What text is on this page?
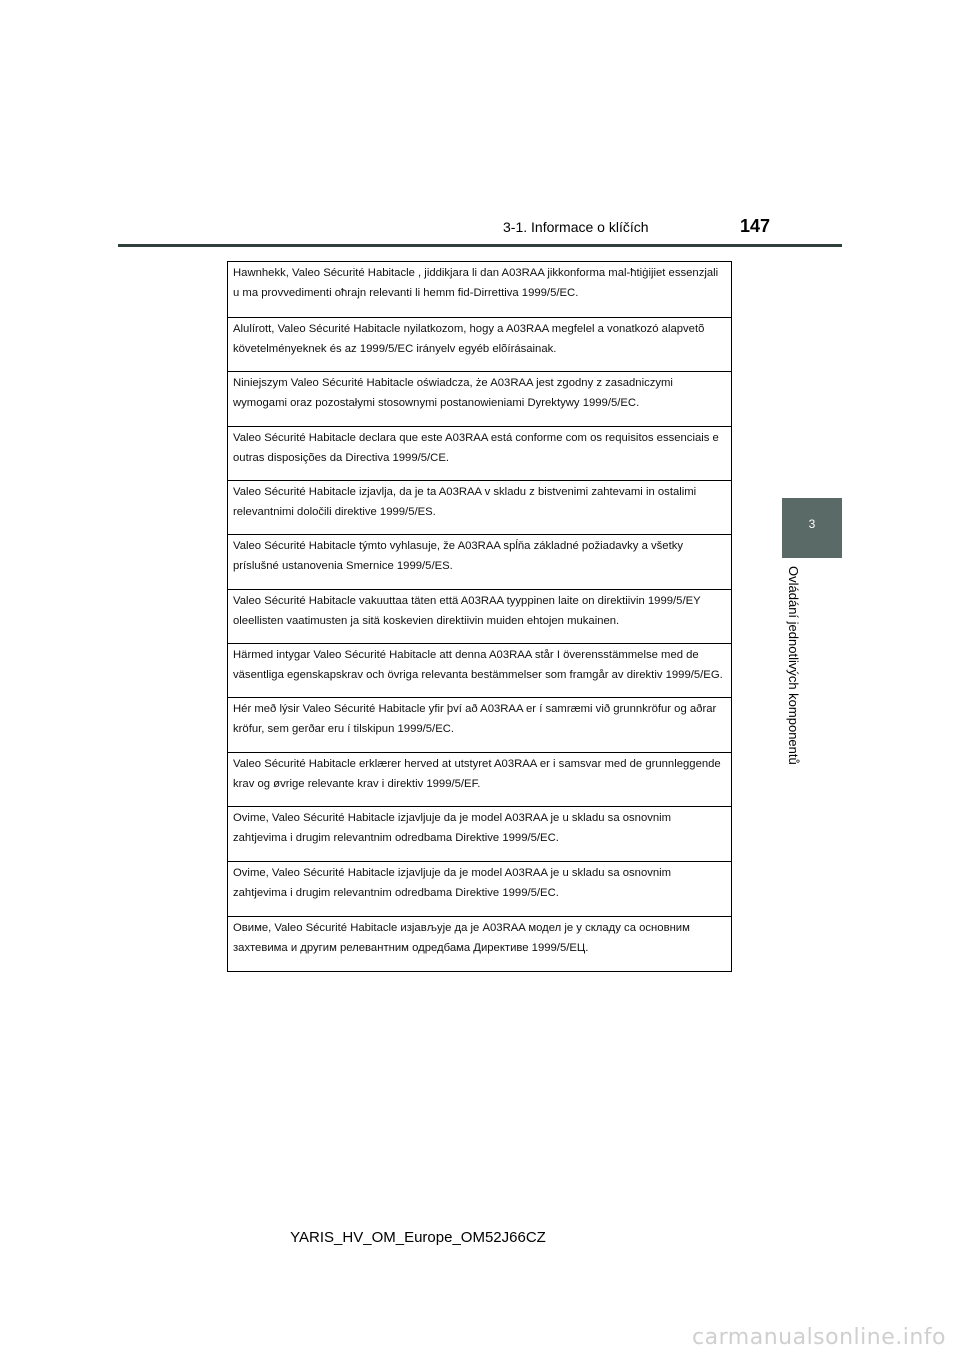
3-1. Informace o klíčích	147
3
Ovládání jednotlivých komponentů
Hawnhekk, Valeo Sécurité Habitacle , jiddikjara li dan A03RAA jikkonforma mal-ħtiġijiet essenzjali u ma provvedimenti oħrajn relevanti li hemm fid-Dirrettiva 1999/5/EC.
Alulírott, Valeo Sécurité Habitacle nyilatkozom, hogy a A03RAA megfelel a vonatkozó alapvetõ követelményeknek és az 1999/5/EC irányelv egyéb elõírásainak.
Niniejszym Valeo Sécurité Habitacle oświadcza, że A03RAA jest zgodny z zasadniczymi wymogami oraz pozostałymi stosownymi postanowieniami Dyrektywy 1999/5/EC.
Valeo Sécurité Habitacle declara que este A03RAA está conforme com os requisitos essenciais e outras disposições da Directiva 1999/5/CE.
Valeo Sécurité Habitacle izjavlja, da je ta A03RAA v skladu z bistvenimi zahtevami in ostalimi relevantnimi določili direktive 1999/5/ES.
Valeo Sécurité Habitacle týmto vyhlasuje, že A03RAA spĺňa základné požiadavky a všetky príslušné ustanovenia Smernice 1999/5/ES.
Valeo Sécurité Habitacle vakuuttaa täten että A03RAA tyyppinen laite on direktiivin 1999/5/EY oleellisten vaatimusten ja sitä koskevien direktiivin muiden ehtojen mukainen.
Härmed intygar Valeo Sécurité Habitacle att denna A03RAA står I överensstämmelse med de väsentliga egenskapskrav och övriga relevanta bestämmelser som framgår av direktiv 1999/5/EG.
Hér með lýsir Valeo Sécurité Habitacle yfir því að A03RAA er í samræmi við grunnkröfur og aðrar kröfur, sem gerðar eru í tilskipun 1999/5/EC.
Valeo Sécurité Habitacle erklærer herved at utstyret A03RAA er i samsvar med de grunnleggende krav og øvrige relevante krav i direktiv 1999/5/EF.
Ovime, Valeo Sécurité Habitacle izjavljuje da je model A03RAA je u skladu sa osnovnim zahtjevima i drugim relevantnim odredbama Direktive 1999/5/EC.
Ovime, Valeo Sécurité Habitacle izjavljuje da je model A03RAA je u skladu sa osnovnim zahtjevima i drugim relevantnim odredbama Direktive 1999/5/EC.
Овиме, Valeo Sécurité Habitacle изјављује да је A03RAA модел је у складу са основним захтевима и другим релевантним одредбама Директиве 1999/5/ЕЦ.
YARIS_HV_OM_Europe_OM52J66CZ
carmanualsonline.info
